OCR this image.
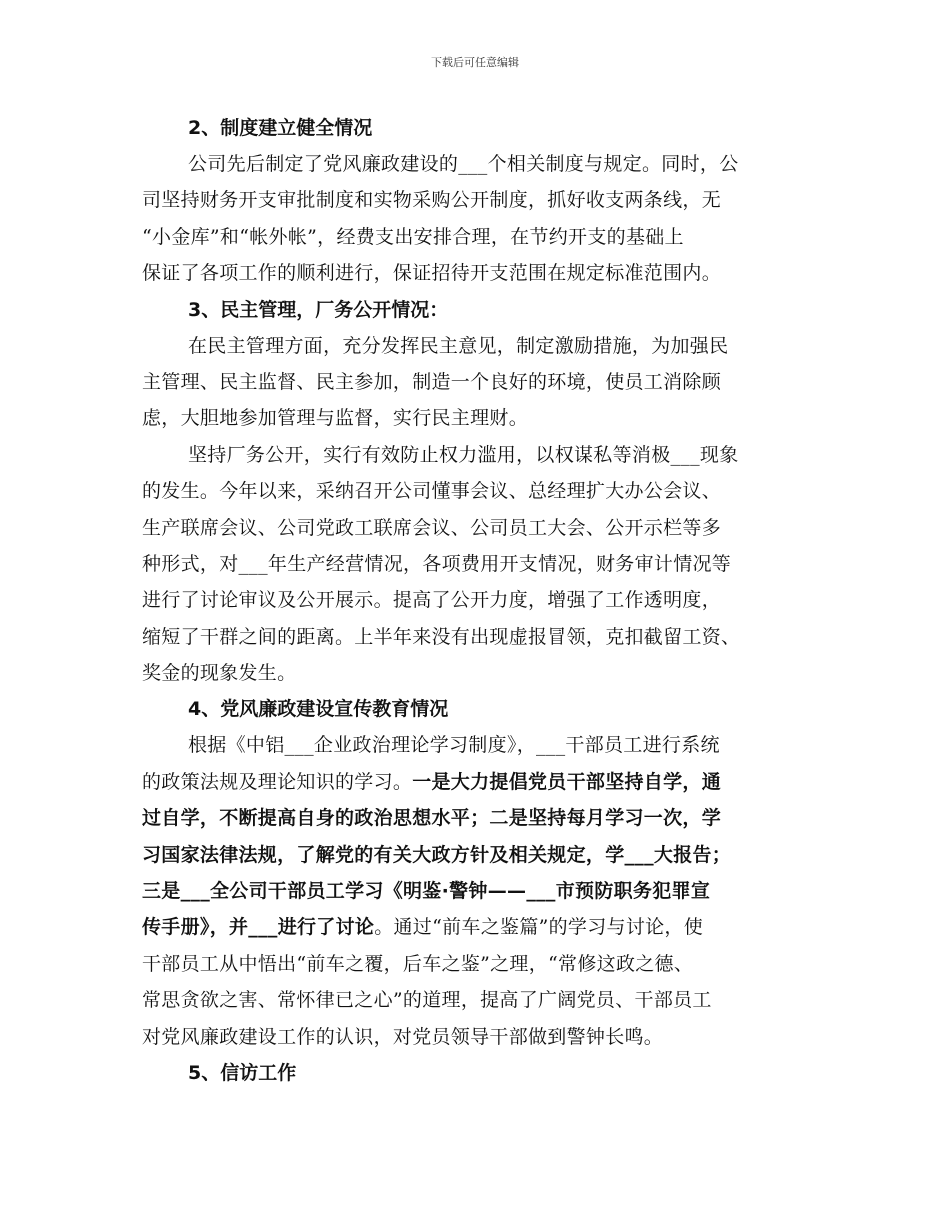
下载后可任意编辑
2、制度建立健全情况
公司先后制定了党风廉政建设的___个相关制度与规定。同时，公
司坚持财务开支审批制度和实物采购公开制度，抓好收支两条线，无
“小金库”和“帐外帐”，经费支出安排合理，在节约开支的基础上
保证了各项工作的顺利进行，保证招待开支范围在规定标准范围内。
3、民主管理，厂务公开情况：
在民主管理方面，充分发挥民主意见，制定激励措施，为加强民
主管理、民主监督、民主参加，制造一个良好的环境，使员工消除顾
虑，大胆地参加管理与监督，实行民主理财。
坚持厂务公开，实行有效防止权力滥用，以权谋私等消极___现象
的发生。今年以来，采纳召开公司懂事会议、总经理扩大办公会议、
生产联席会议、公司党政工联席会议、公司员工大会、公开示栏等多
种形式，对___年生产经营情况，各项费用开支情况，财务审计情况等
进行了讨论审议及公开展示。提高了公开力度，增强了工作透明度，
缩短了干群之间的距离。上半年来没有出现虚报冒领，克扣截留工资、
奖金的现象发生。
4、党风廉政建设宣传教育情况
根据《中铝___企业政治理论学习制度》，___干部员工进行系统
的政策法规及理论知识的学习。一是大力提倡党员干部坚持自学，通
过自学，不断提高自身的政治思想水平；二是坚持每月学习一次，学
习国家法律法规，了解党的有关大政方针及相关规定，学___大报告；
三是___全公司干部员工学习《明鉴·警钟——___市预防职务犯罪宣
传手册》，并___进行了讨论。通过“前车之鉴篇”的学习与讨论，使
干部员工从中悟出“前车之覆，后车之鉴”之理，“常修这政之德、
常思贪欲之害、常怀律已之心”的道理，提高了广阔党员、干部员工
对党风廉政建设工作的认识，对党员领导干部做到警钟长鸣。
5、信访工作
